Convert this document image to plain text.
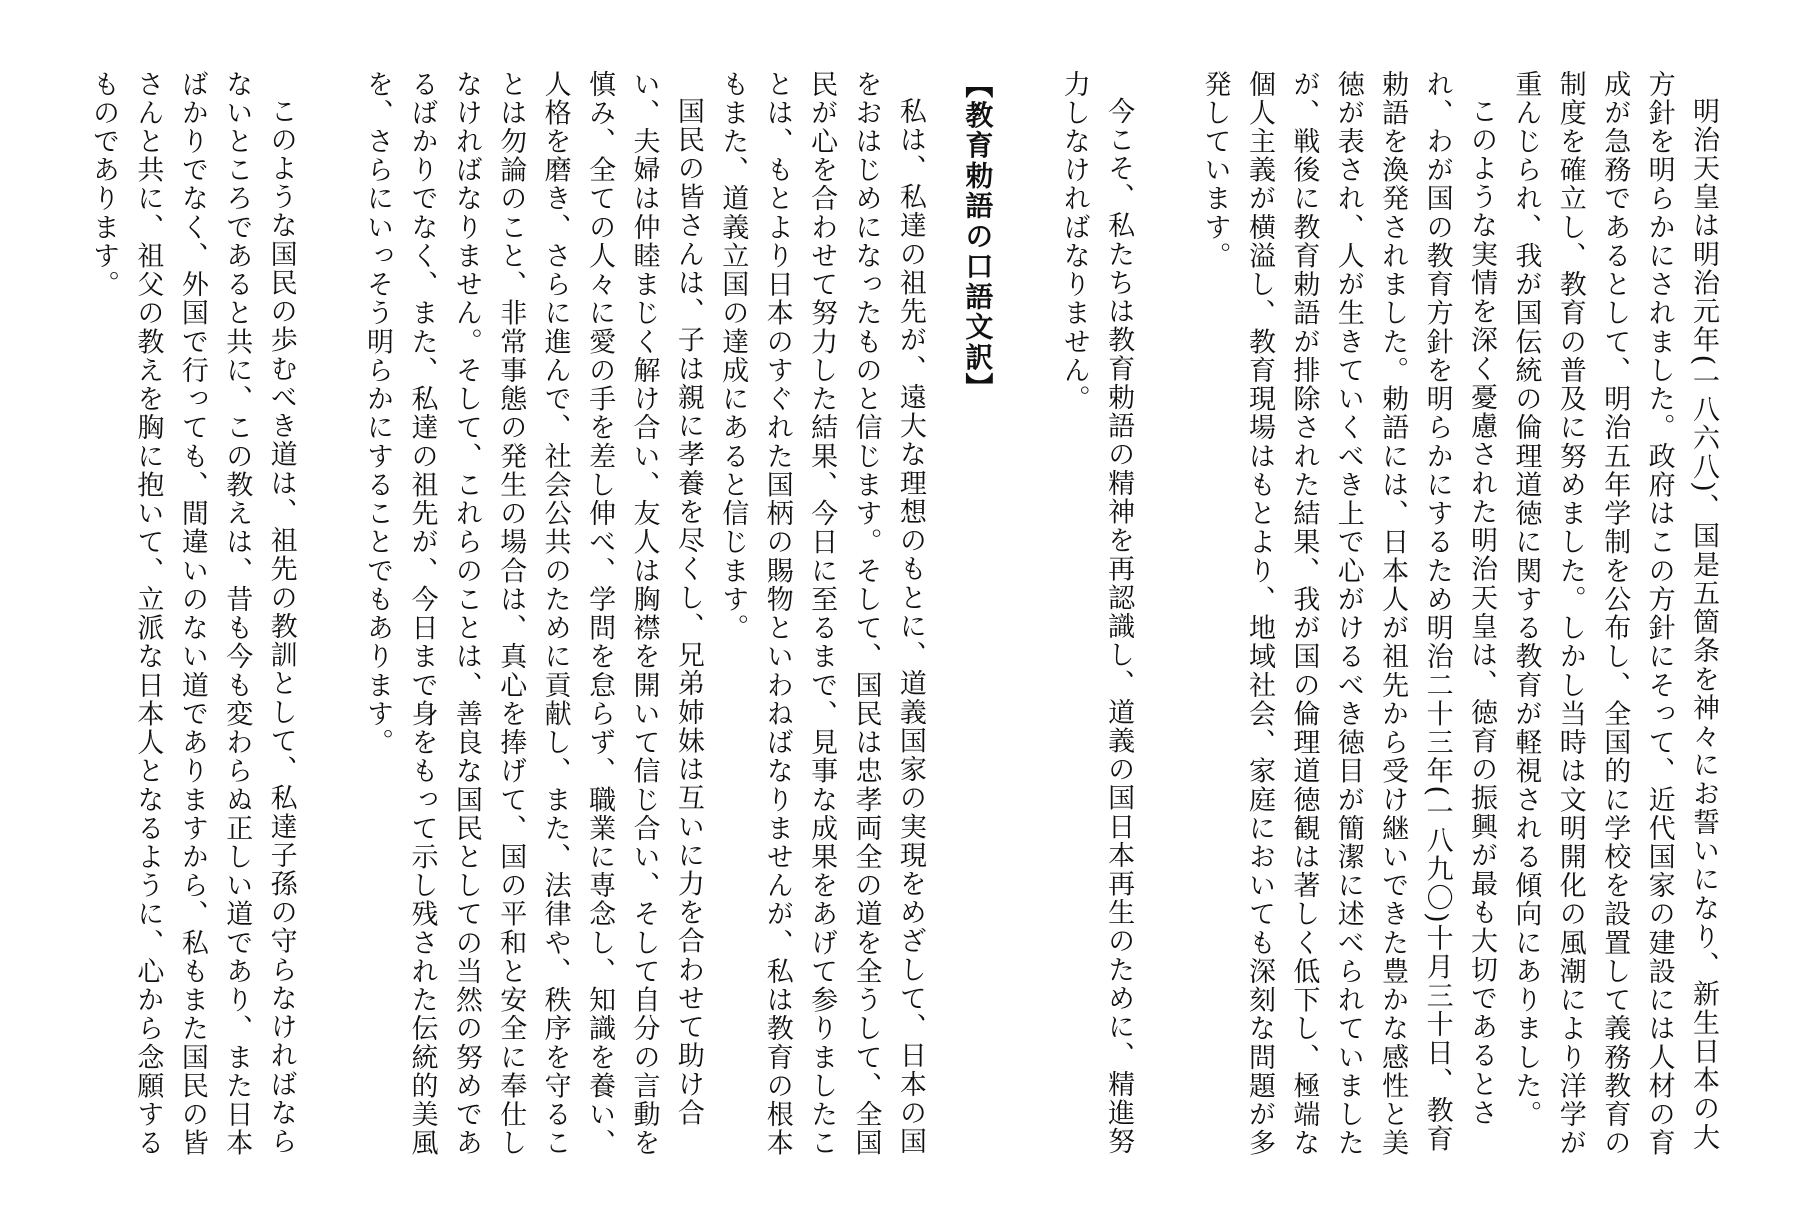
明治天皇は明治元年(一八六八)、国是五箇条を神々にお誓いになり、新生日本の大方針を明らかにされました。政府はこの方針にそって、近代国家の建設には人材の育成が急務であるとして、明治五年学制を公布し、全国的に学校を設置して義務教育の制度を確立し、教育の普及に努めました。しかし当時は文明開化の風潮により洋学が重んじられ、我が国伝統の倫理道徳に関する教育が軽視される傾向にありました。

このような実情を深く憂慮された明治天皇は、徳育の振興が最も大切であるとされ、わが国の教育方針を明らかにするため明治二十三年(一八九〇)十月三十日、教育勅語を渙発されました。勅語には、日本人が祖先から受け継いできた豊かな感性と美徳が表され、人が生きていくべき上で心がけるべき徳目が簡潔に述べられていましたが、戦後に教育勅語が排除された結果、我が国の倫理道徳観は著しく低下し、極端な個人主義が横溢し、教育現場はもとより、地域社会、家庭においても深刻な問題が多発しています。

今こそ、私たちは教育勅語の精神を再認識し、道義の国日本再生のために、精進努力しなければなりません。

【教育勅語の口語文訳】

私は、私達の祖先が、遠大な理想のもとに、道義国家の実現をめざして、日本の国をおはじめになったものと信じます。そして、国民は忠孝両全の道を全うして、全国民が心を合わせて努力した結果、今日に至るまで、見事な成果をあげて参りましたことは、もとより日本のすぐれた国柄の賜物といわねばなりませんが、私は教育の根本もまた、道義立国の達成にあると信じます。

国民の皆さんは、子は親に孝養を尽くし、兄弟姉妹は互いに力を合わせて助け合い、夫婦は仲睦まじく解け合い、友人は胸襟を開いて信じ合い、そして自分の言動を慎み、全ての人々に愛の手を差し伸べ、学問を怠らず、職業に専念し、知識を養い、人格を磨き、さらに進んで、社会公共のために貢献し、また、法律や、秩序を守ることは勿論のこと、非常事態の発生の場合は、真心を捧げて、国の平和と安全に奉仕しなければなりません。そして、これらのことは、善良な国民としての当然の努めであるばかりでなく、また、私達の祖先が、今日まで身をもって示し残された伝統的美風を、さらにいっそう明らかにすることでもあります。

このような国民の歩むべき道は、祖先の教訓として、私達子孫の守らなければならないところであると共に、この教えは、昔も今も変わらぬ正しい道であり、また日本ばかりでなく、外国で行っても、間違いのない道でありますから、私もまた国民の皆さんと共に、祖父の教えを胸に抱いて、立派な日本人となるように、心から念願するものであります。
